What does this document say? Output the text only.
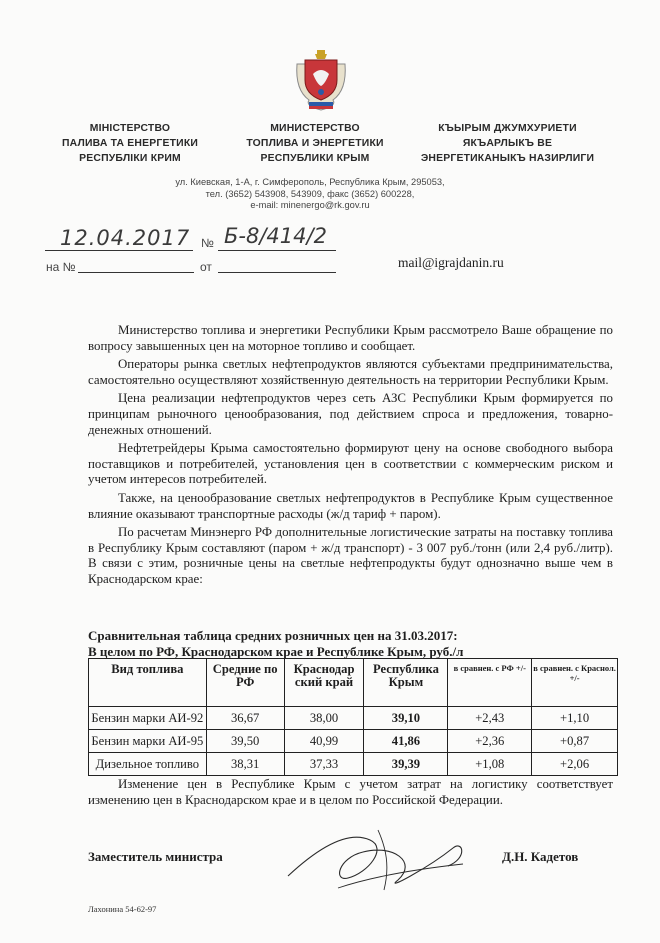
МІНІСТЕРСТВО
ПАЛИВА ТА ЕНЕРГЕТИКИ
РЕСПУБЛІКИ КРИМ
МИНИСТЕРСТВО
ТОПЛИВА И ЭНЕРГЕТИКИ
РЕСПУБЛИКИ КРЫМ
КЪЫРЫМ ДЖУМХУРИЕТИ
ЯКЪАРЛЫКЪ ВЕ
ЭНЕРГЕТИКАНЫКЪ НАЗИРЛИГИ
ул. Киевская, 1-А, г. Симферополь, Республика Крым, 295053,
тел. (3652) 543908, 543909, факс (3652) 600228,
e-mail: minenergo@rk.gov.ru
12.04.2017 № Б-8/414/2
на №	от	mail@igrajdanin.ru

Министерство топлива и энергетики Республики Крым рассмотрело Ваше обращение по вопросу завышенных цен на моторное топливо и сообщает.

Операторы рынка светлых нефтепродуктов являются субъектами предпринимательства, самостоятельно осуществляют хозяйственную деятельность на территории Республики Крым.

Цена реализации нефтепродуктов через сеть АЗС Республики Крым формируется по принципам рыночного ценообразования, под действием спроса и предложения, товарно-денежных отношений.

Нефтетрейдеры Крыма самостоятельно формируют цену на основе свободного выбора поставщиков и потребителей, установления цен в соответствии с коммерческим риском и учетом интересов потребителей.

Также, на ценообразование светлых нефтепродуктов в Республике Крым существенное влияние оказывают транспортные расходы (ж/д тариф + паром).

По расчетам Минэнерго РФ дополнительные логистические затраты на поставку топлива в Республику Крым составляют (паром + ж/д транспорт) - 3 007 руб./тонн (или 2,4 руб./литр). В связи с этим, розничные цены на светлые нефтепродукты будут однозначно выше чем в Краснодарском крае:

Сравнительная таблица средних розничных цен на 31.03.2017:
В целом по РФ, Краснодарском крае и Республике Крым, руб./л
Вид топлива	Средние по РФ	Краснодар ский край	Республика Крым	в сравнен. с РФ +/-	в сравнен. с Краснол. +/-
Бензин марки АИ-92	36,67	38,00	39,10	+2,43	+1,10
Бензин марки АИ-95	39,50	40,99	41,86	+2,36	+0,87
Дизельное топливо	38,31	37,33	39,39	+1,08	+2,06

Изменение цен в Республике Крым с учетом затрат на логистику соответствует изменению цен в Краснодарском крае и в целом по Российской Федерации.

Заместитель министра	Д.Н. Кадетов
Лахонина 54-62-97
